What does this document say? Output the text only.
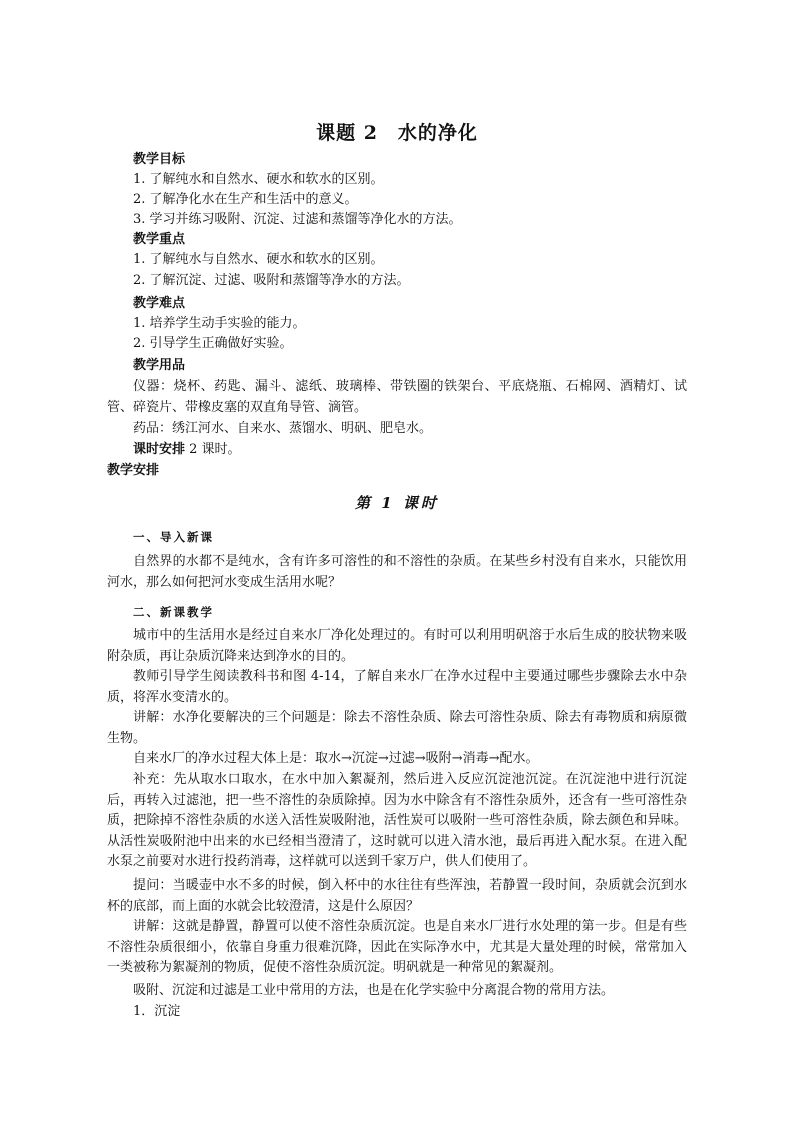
课题 2　水的净化
教学目标
1. 了解纯水和自然水、硬水和软水的区别。
2. 了解净化水在生产和生活中的意义。
3. 学习并练习吸附、沉淀、过滤和蒸馏等净化水的方法。
教学重点
1. 了解纯水与自然水、硬水和软水的区别。
2. 了解沉淀、过滤、吸附和蒸馏等净水的方法。
教学难点
1. 培养学生动手实验的能力。
2. 引导学生正确做好实验。
教学用品
仪器：烧杯、药匙、漏斗、滤纸、玻璃棒、带铁圈的铁架台、平底烧瓶、石棉网、酒精灯、试管、碎瓷片、带橡皮塞的双直角导管、滴管。
药品：绣江河水、自来水、蒸馏水、明矾、肥皂水。
课时安排 2 课时。
教学安排
第 1 课时
一、导入新课
自然界的水都不是纯水，含有许多可溶性的和不溶性的杂质。在某些乡村没有自来水，只能饮用河水，那么如何把河水变成生活用水呢？
二、新课教学
城市中的生活用水是经过自来水厂净化处理过的。有时可以利用明矾溶于水后生成的胶状物来吸附杂质，再让杂质沉降来达到净水的目的。
教师引导学生阅读教科书和图 4-14，了解自来水厂在净水过程中主要通过哪些步骤除去水中杂质，将浑水变清水的。
讲解：水净化要解决的三个问题是：除去不溶性杂质、除去可溶性杂质、除去有毒物质和病原微生物。
自来水厂的净水过程大体上是：取水→沉淀→过滤→吸附→消毒→配水。
补充：先从取水口取水，在水中加入絮凝剂，然后进入反应沉淀池沉淀。在沉淀池中进行沉淀后，再转入过滤池，把一些不溶性的杂质除掉。因为水中除含有不溶性杂质外，还含有一些可溶性杂质，把除掉不溶性杂质的水送入活性炭吸附池，活性炭可以吸附一些可溶性杂质，除去颜色和异味。从活性炭吸附池中出来的水已经相当澄清了，这时就可以进入清水池，最后再进入配水泵。在进入配水泵之前要对水进行投药消毒，这样就可以送到千家万户，供人们使用了。
提问：当暖壶中水不多的时候，倒入杯中的水往往有些浑浊，若静置一段时间，杂质就会沉到水杯的底部，而上面的水就会比较澄清，这是什么原因？
讲解：这就是静置，静置可以使不溶性杂质沉淀。也是自来水厂进行水处理的第一步。但是有些不溶性杂质很细小，依靠自身重力很难沉降，因此在实际净水中，尤其是大量处理的时候，常常加入一类被称为絮凝剂的物质，促使不溶性杂质沉淀。明矾就是一种常见的絮凝剂。
吸附、沉淀和过滤是工业中常用的方法，也是在化学实验中分离混合物的常用方法。
1．沉淀
